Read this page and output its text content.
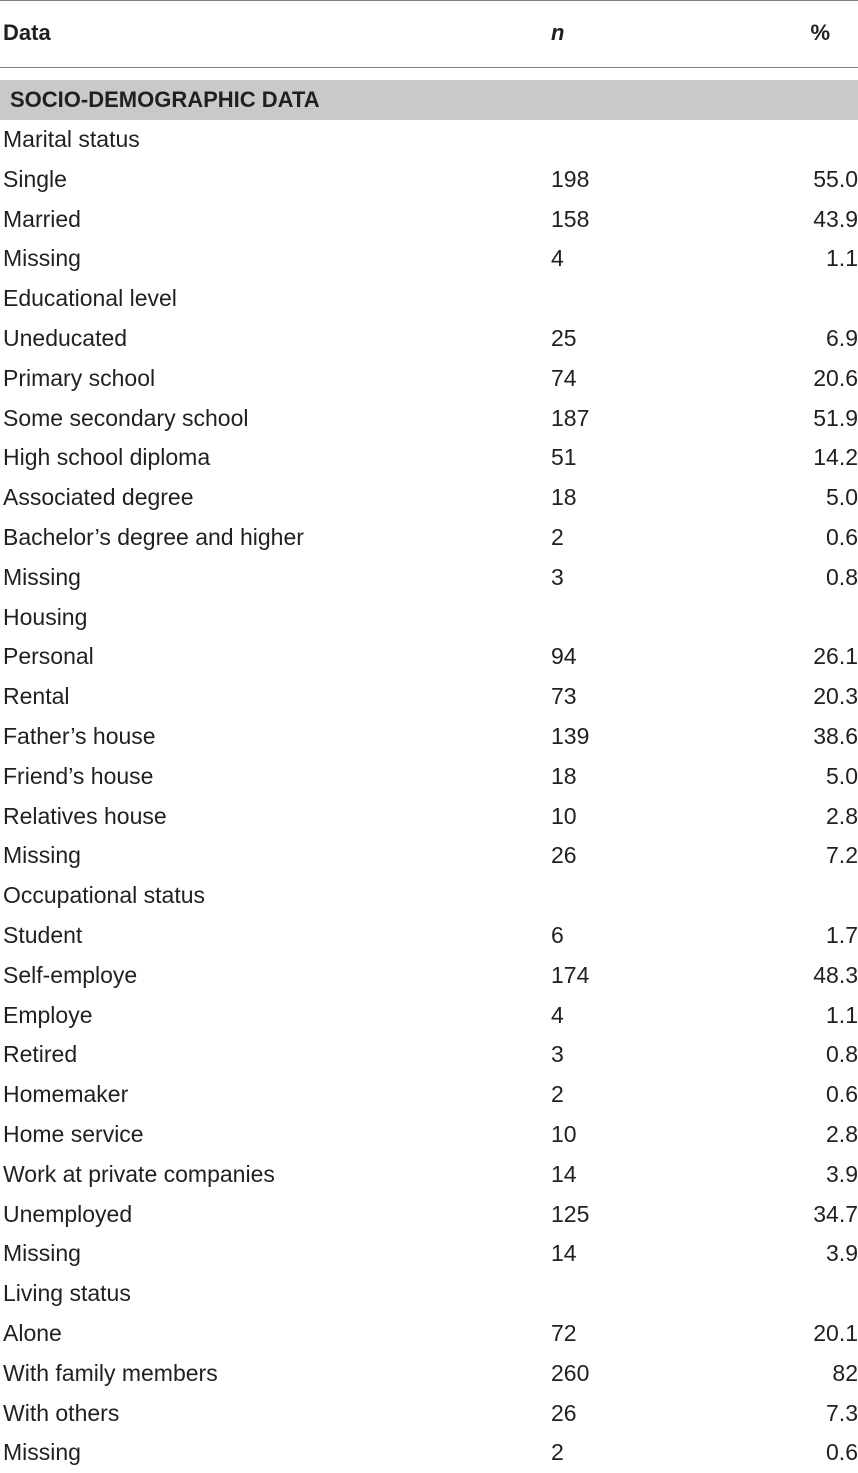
Data	n	%
SOCIO-DEMOGRAPHIC DATA
Marital status
Single	198	55.0
Married	158	43.9
Missing	4	1.1
Educational level
Uneducated	25	6.9
Primary school	74	20.6
Some secondary school	187	51.9
High school diploma	51	14.2
Associated degree	18	5.0
Bachelor’s degree and higher	2	0.6
Missing	3	0.8
Housing
Personal	94	26.1
Rental	73	20.3
Father’s house	139	38.6
Friend’s house	18	5.0
Relatives house	10	2.8
Missing	26	7.2
Occupational status
Student	6	1.7
Self-employe	174	48.3
Employe	4	1.1
Retired	3	0.8
Homemaker	2	0.6
Home service	10	2.8
Work at private companies	14	3.9
Unemployed	125	34.7
Missing	14	3.9
Living status
Alone	72	20.1
With family members	260	82
With others	26	7.3
Missing	2	0.6
